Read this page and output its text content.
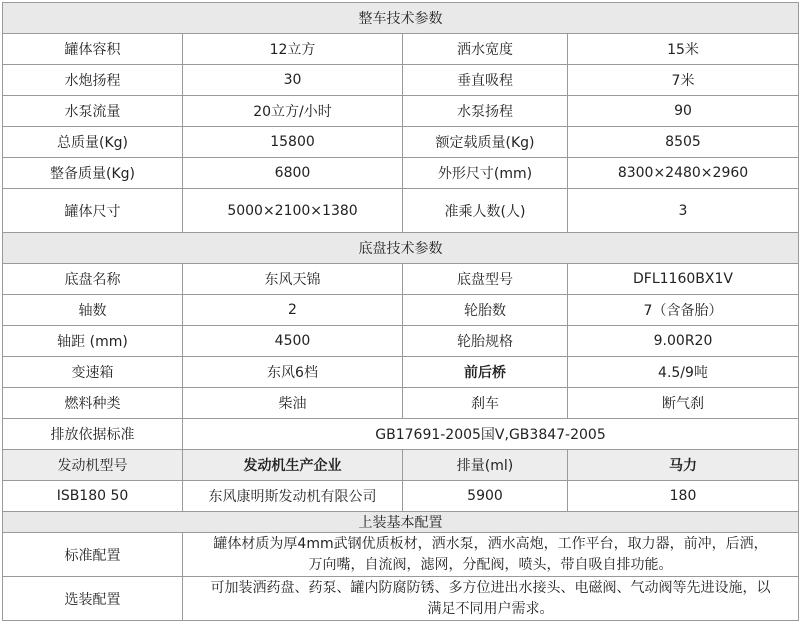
整车技术参数			
罐体容积	12立方	洒水宽度	15米
水炮扬程	30	垂直吸程	7米
水泵流量	20立方/小时	水泵扬程	90
总质量(Kg)	15800	额定载质量(Kg)	8505
整备质量(Kg)	6800	外形尺寸(mm)	8300×2480×2960
罐体尺寸	5000×2100×1380	准乘人数(人)	3
底盘技术参数			
底盘名称	东风天锦	底盘型号	DFL1160BX1V
轴数	2	轮胎数	7（含备胎）
轴距 (mm)	4500	轮胎规格	9.00R20
变速箱	东风6档	前后桥	4.5/9吨
燃料种类	柴油	刹车	断气刹
排放依据标准	GB17691-2005国Ⅴ,GB3847-2005		
发动机型号	发动机生产企业	排量(ml)	马力
ISB180 50	东风康明斯发动机有限公司	5900	180
上装基本配置			
标准配置	罐体材质为厚4mm武钢优质板材，洒水泵，洒水高炮，工作平台，取力器，前冲，后洒，
万向嘴，自流阀，滤网，分配阀，喷头，带自吸自排功能。		

选装配置	可加装洒药盘、药泵、罐内防腐防锈、多方位进出水接头、电磁阀、气动阀等先进设施，以
满足不同用户需求。		
